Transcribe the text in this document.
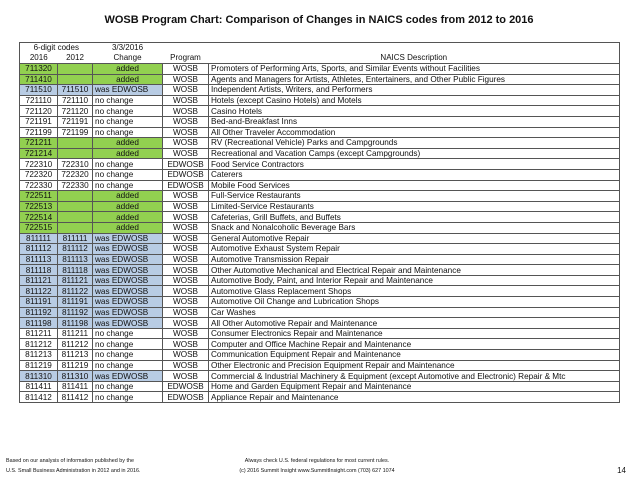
WOSB Program Chart: Comparison of Changes in NAICS codes from 2012 to 2016
6-digit codes		3/3/2016		
2016	2012	Change	Program	NAICS Description
711320		added	WOSB	Promoters of Performing Arts, Sports, and Similar Events without Facilities
711410		added	WOSB	Agents and Managers for Artists, Athletes, Entertainers, and Other Public Figures
711510	711510	was EDWOSB	WOSB	Independent Artists, Writers, and Performers
721110	721110	no change	WOSB	Hotels (except Casino Hotels) and Motels
721120	721120	no change	WOSB	Casino Hotels
721191	721191	no change	WOSB	Bed-and-Breakfast Inns
721199	721199	no change	WOSB	All Other Traveler Accommodation
721211		added	WOSB	RV (Recreational Vehicle) Parks and Campgrounds
721214		added	WOSB	Recreational and Vacation Camps (except Campgrounds)
722310	722310	no change	EDWOSB	Food Service Contractors
722320	722320	no change	EDWOSB	Caterers
722330	722330	no change	EDWOSB	Mobile Food Services
722511		added	WOSB	Full-Service Restaurants
722513		added	WOSB	Limited-Service Restaurants
722514		added	WOSB	Cafeterias, Grill Buffets, and Buffets
722515		added	WOSB	Snack and Nonalcoholic Beverage Bars
811111	811111	was EDWOSB	WOSB	General Automotive Repair
811112	811112	was EDWOSB	WOSB	Automotive Exhaust System Repair
811113	811113	was EDWOSB	WOSB	Automotive Transmission Repair
811118	811118	was EDWOSB	WOSB	Other Automotive Mechanical and Electrical Repair and Maintenance
811121	811121	was EDWOSB	WOSB	Automotive Body, Paint, and Interior Repair and Maintenance
811122	811122	was EDWOSB	WOSB	Automotive Glass Replacement Shops
811191	811191	was EDWOSB	WOSB	Automotive Oil Change and Lubrication Shops
811192	811192	was EDWOSB	WOSB	Car Washes
811198	811198	was EDWOSB	WOSB	All Other Automotive Repair and Maintenance
811211	811211	no change	WOSB	Consumer Electronics Repair and Maintenance
811212	811212	no change	WOSB	Computer and Office Machine Repair and Maintenance
811213	811213	no change	WOSB	Communication Equipment Repair and Maintenance
811219	811219	no change	WOSB	Other Electronic and Precision Equipment Repair and Maintenance
811310	811310	was EDWOSB	WOSB	Commercial & Industrial Machinery & Equipment (except Automotive and Electronic) Repair & Mtc
811411	811411	no change	EDWOSB	Home and Garden Equipment Repair and Maintenance
811412	811412	no change	EDWOSB	Appliance Repair and Maintenance
Based on our analysis of information published by the
U.S. Small Business Administration in 2012 and in 2016.
Always check U.S. federal regulations for most current rules.
(c) 2016 Summit Insight www.SummitInsight.com (703) 627 1074	14
